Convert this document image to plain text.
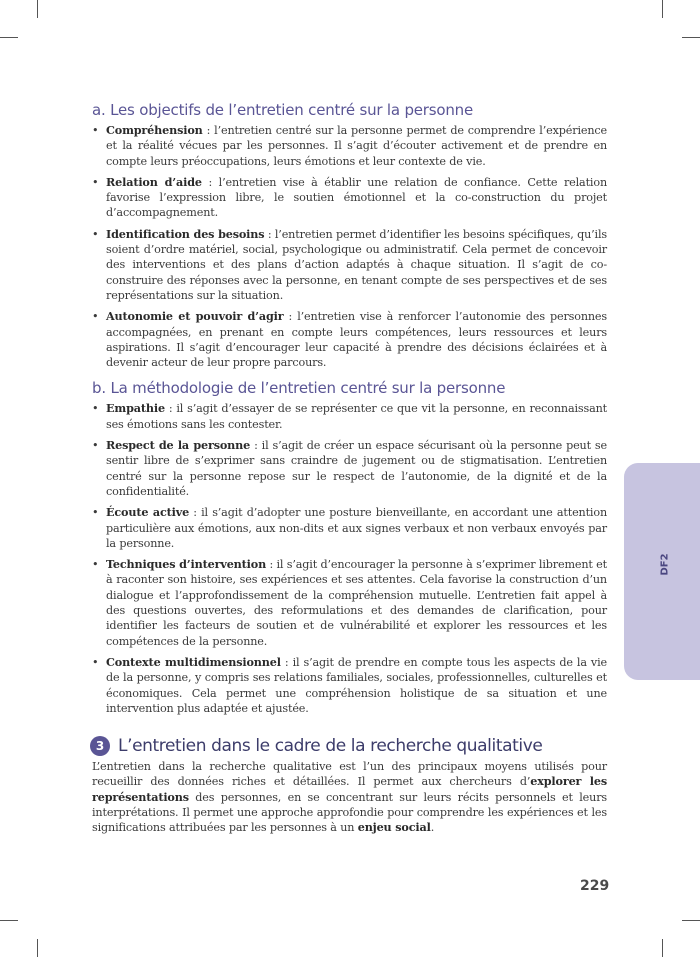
a. Les objectifs de l’entretien centré sur la personne
• Compréhension : l’entretien centré sur la personne permet de comprendre l’expérience et la réalité vécues par les personnes. Il s’agit d’écouter activement et de prendre en compte leurs préoccupations, leurs émotions et leur contexte de vie.
• Relation d’aide : l’entretien vise à établir une relation de confiance. Cette relation favorise l’expression libre, le soutien émotionnel et la co-construction du projet d’accompagnement.
• Identification des besoins : l’entretien permet d’identifier les besoins spécifiques, qu’ils soient d’ordre matériel, social, psychologique ou administratif. Cela permet de concevoir des interventions et des plans d’action adaptés à chaque situation. Il s’agit de co-construire des réponses avec la personne, en tenant compte de ses perspectives et de ses représentations sur la situation.
• Autonomie et pouvoir d’agir : l’entretien vise à renforcer l’autonomie des personnes accompagnées, en prenant en compte leurs compétences, leurs ressources et leurs aspirations. Il s’agit d’encourager leur capacité à prendre des décisions éclairées et à devenir acteur de leur propre parcours.
b. La méthodologie de l’entretien centré sur la personne
• Empathie : il s’agit d’essayer de se représenter ce que vit la personne, en reconnaissant ses émotions sans les contester.
• Respect de la personne : il s’agit de créer un espace sécurisant où la personne peut se sentir libre de s’exprimer sans craindre de jugement ou de stigmatisation. L’entretien centré sur la personne repose sur le respect de l’autonomie, de la dignité et de la confidentialité.
• Écoute active : il s’agit d’adopter une posture bienveillante, en accordant une attention particulière aux émotions, aux non-dits et aux signes verbaux et non verbaux envoyés par la personne.
• Techniques d’intervention : il s’agit d’encourager la personne à s’exprimer librement et à raconter son histoire, ses expériences et ses attentes. Cela favorise la construction d’un dialogue et l’approfondissement de la compréhension mutuelle. L’entretien fait appel à des questions ouvertes, des reformulations et des demandes de clarification, pour identifier les facteurs de soutien et de vulnérabilité et explorer les ressources et les compétences de la personne.
• Contexte multidimensionnel : il s’agit de prendre en compte tous les aspects de la vie de la personne, y compris ses relations familiales, sociales, professionnelles, culturelles et économiques. Cela permet une compréhension holistique de sa situation et une intervention plus adaptée et ajustée.
3 L’entretien dans le cadre de la recherche qualitative

L’entretien dans la recherche qualitative est l’un des principaux moyens utilisés pour recueillir des données riches et détaillées. Il permet aux chercheurs d’explorer les représentations des personnes, en se concentrant sur leurs récits personnels et leurs interprétations. Il permet une approche approfondie pour comprendre les expériences et les significations attribuées par les personnes à un enjeu social.

DF2
229
